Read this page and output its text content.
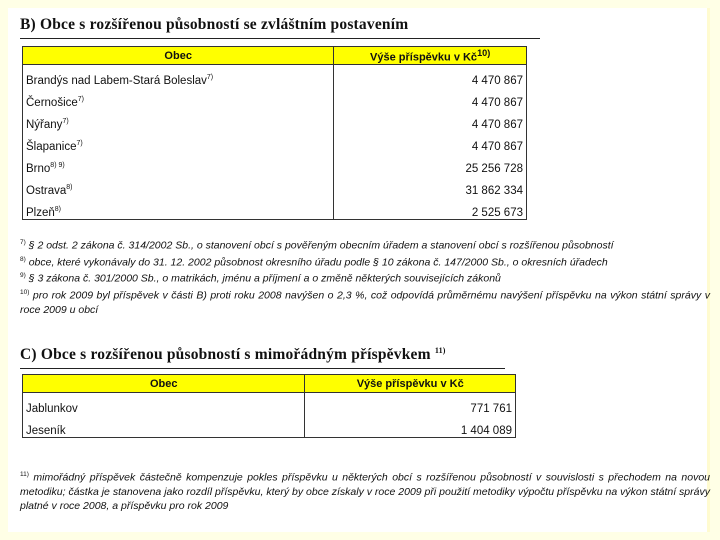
B) Obce s rozšířenou působností se zvláštním postavením
Obec	Výše příspěvku v $Kč^{10)}$
Brandýs nad Labem-Stará Boleslav$^{7)}$	4 470 867
Černošice$^{7)}$	4 470 867
Nýřany$^{7)}$	4 470 867
Šlapanice$^{7)}$	4 470 867
Brno$^{8) 9)}$	25 256 728
Ostrava$^{8)}$	31 862 334
Plzeň$^{8)}$	2 525 673

$^{7)}$ § 2 odst. 2 zákona č. 314/2002 Sb., o stanovení obcí s pověřeným obecním úřadem a stanovení obcí s rozšířenou působností

$^{8)}$ obce, které vykonávaly do 31. 12. 2002 působnost okresního úřadu podle § 10 zákona č. 147/2000 Sb., o okresních úřadech

$^{9)}$ § 3 zákona č. 301/2000 Sb., o matrikách, jménu a příjmení a o změně některých souvisejících zákonů

$^{10)}$ pro rok 2009 byl příspěvek v části B) proti roku 2008 navýšen o 2,3 %, což odpovídá průměrnému navýšení příspěvku na výkon státní správy v roce 2009 u obcí

C) Obce s rozšířenou působností s mimořádným příspěvkem $^{11)}$
Obec	Výše příspěvku v Kč
Jablunkov	771 761
Jeseník	1 404 089

$^{11)}$ mimořádný příspěvek částečně kompenzuje pokles příspěvku u některých obcí s rozšířenou působností v souvislosti s přechodem na novou metodiku; částka je stanovena jako rozdíl příspěvku, který by obce získaly v roce 2009 při použití metodiky výpočtu příspěvku na výkon státní správy platné v roce 2008, a příspěvku pro rok 2009
